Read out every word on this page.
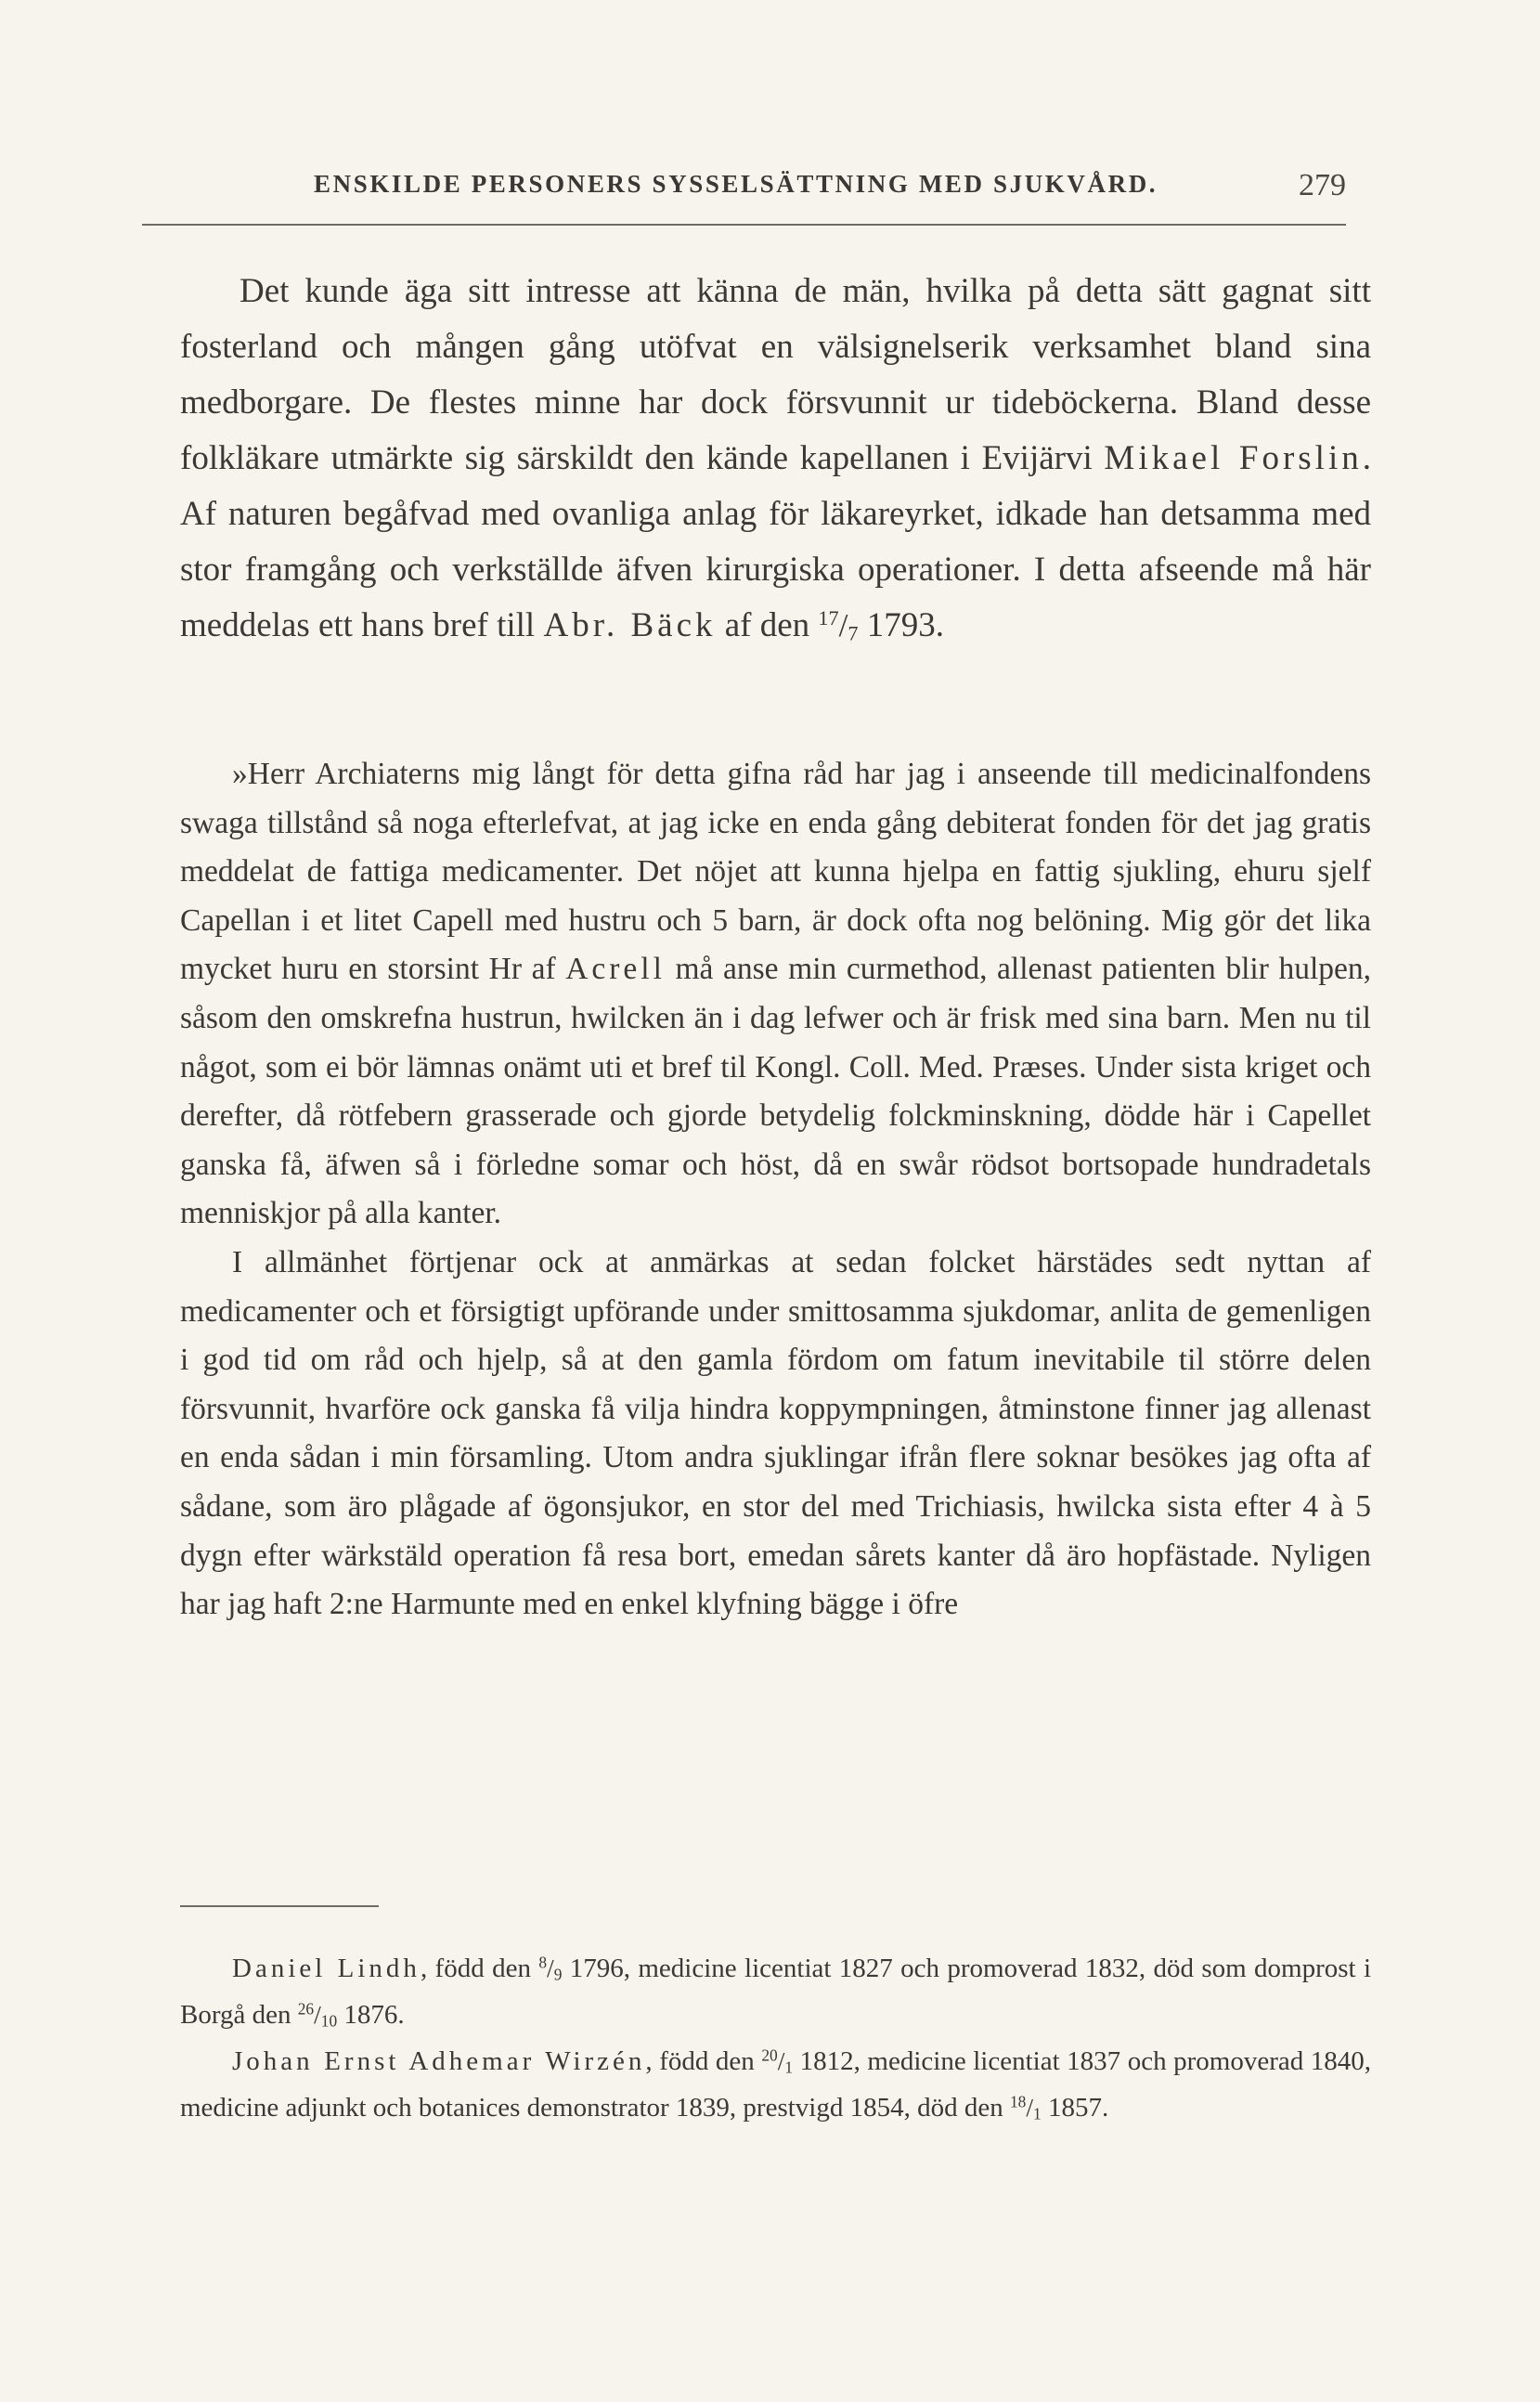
ENSKILDE PERSONERS SYSSELSÄTTNING MED SJUKVÅRD.	279

Det kunde äga sitt intresse att känna de män, hvilka på detta sätt gagnat sitt fosterland och mången gång utöfvat en välsignelserik verksamhet bland sina medborgare. De flestes minne har dock försvunnit ur tideböckerna. Bland desse folkläkare utmärkte sig särskildt den kände kapellanen i Evijärvi Mikael Forslin. Af naturen begåfvad med ovanliga anlag för läkareyrket, idkade han detsamma med stor framgång och verkställde äfven kirurgiska operationer. I detta afseende må här meddelas ett hans bref till Abr. Bäck af den $^{17}$/7 1793.

»Herr Archiaterns mig långt för detta gifna råd har jag i anseende till medicinalfondens swaga tillstånd så noga efterlefvat, at jag icke en enda gång debiterat fonden för det jag gratis meddelat de fattiga medicamenter. Det nöjet att kunna hjelpa en fattig sjukling, ehuru sjelf Capellan i et litet Capell med hustru och 5 barn, är dock ofta nog belöning. Mig gör det lika mycket huru en storsint Hr af Acrell må anse min curmethod, allenast patienten blir hulpen, såsom den omskrefna hustrun, hwilcken än i dag lefwer och är frisk med sina barn. Men nu til något, som ei bör lämnas onämt uti et bref til Kongl. Coll. Med. Præses. Under sista kriget och derefter, då rötfebern grasserade och gjorde betydelig folckminskning, dödde här i Capellet ganska få, äfwen så i förledne somar och höst, då en swår rödsot bortsopade hundradetals menniskjor på alla kanter.

I allmänhet förtjenar ock at anmärkas at sedan folcket härstädes sedt nyttan af medicamenter och et försigtigt upförande under smittosamma sjukdomar, anlita de gemenligen i god tid om råd och hjelp, så at den gamla fördom om fatum inevitabile til större delen försvunnit, hvarföre ock ganska få vilja hindra koppympningen, åtminstone finner jag allenast en enda sådan i min församling. Utom andra sjuklingar ifrån flere soknar besökes jag ofta af sådane, som äro plågade af ögonsjukor, en stor del med Trichiasis, hwilcka sista efter 4 à 5 dygn efter wärkstäld operation få resa bort, emedan sårets kanter då äro hopfästade. Nyligen har jag haft 2:ne Harmunte med en enkel klyfning bägge i öfre

Daniel Lindh, född den $^8$/9 1796, medicine licentiat 1827 och promoverad 1832, död som domprost i Borgå den $^{26}$/10 1876.

Johan Ernst Adhemar Wirzén, född den $^{20}$/1 1812, medicine licentiat 1837 och promoverad 1840, medicine adjunkt och botanices demonstrator 1839, prestvigd 1854, död den $^{18}$/1 1857.
